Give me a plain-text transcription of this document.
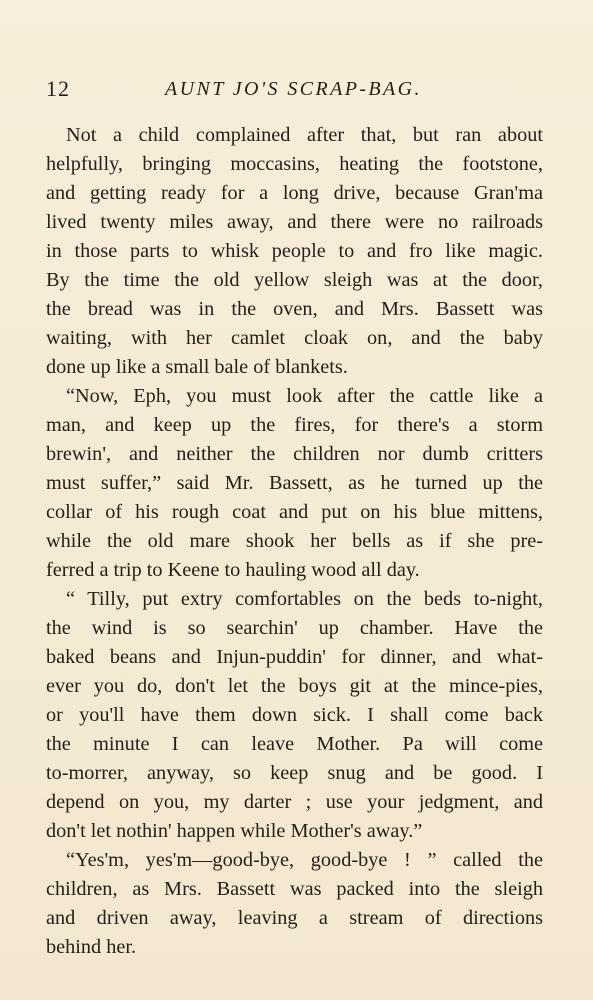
12	AUNT JO'S SCRAP-BAG.
Not a child complained after that, but ran about
helpfully, bringing moccasins, heating the footstone,
and getting ready for a long drive, because Gran'ma
lived twenty miles away, and there were no railroads
in those parts to whisk people to and fro like magic.
By the time the old yellow sleigh was at the door,
the bread was in the oven, and Mrs. Bassett was
waiting, with her camlet cloak on, and the baby
done up like a small bale of blankets.
“Now, Eph, you must look after the cattle like a
man, and keep up the fires, for there's a storm
brewin', and neither the children nor dumb critters
must suffer,” said Mr. Bassett, as he turned up the
collar of his rough coat and put on his blue mittens,
while the old mare shook her bells as if she pre-
ferred a trip to Keene to hauling wood all day.
“ Tilly, put extry comfortables on the beds to-night,
the wind is so searchin' up chamber. Have the
baked beans and Injun-puddin' for dinner, and what-
ever you do, don't let the boys git at the mince-pies,
or you'll have them down sick. I shall come back
the minute I can leave Mother. Pa will come
to-morrer, anyway, so keep snug and be good. I
depend on you, my darter ; use your jedgment, and
don't let nothin' happen while Mother's away.”
“Yes'm, yes'm—good-bye, good-bye ! ” called the
children, as Mrs. Bassett was packed into the sleigh
and driven away, leaving a stream of directions
behind her.
